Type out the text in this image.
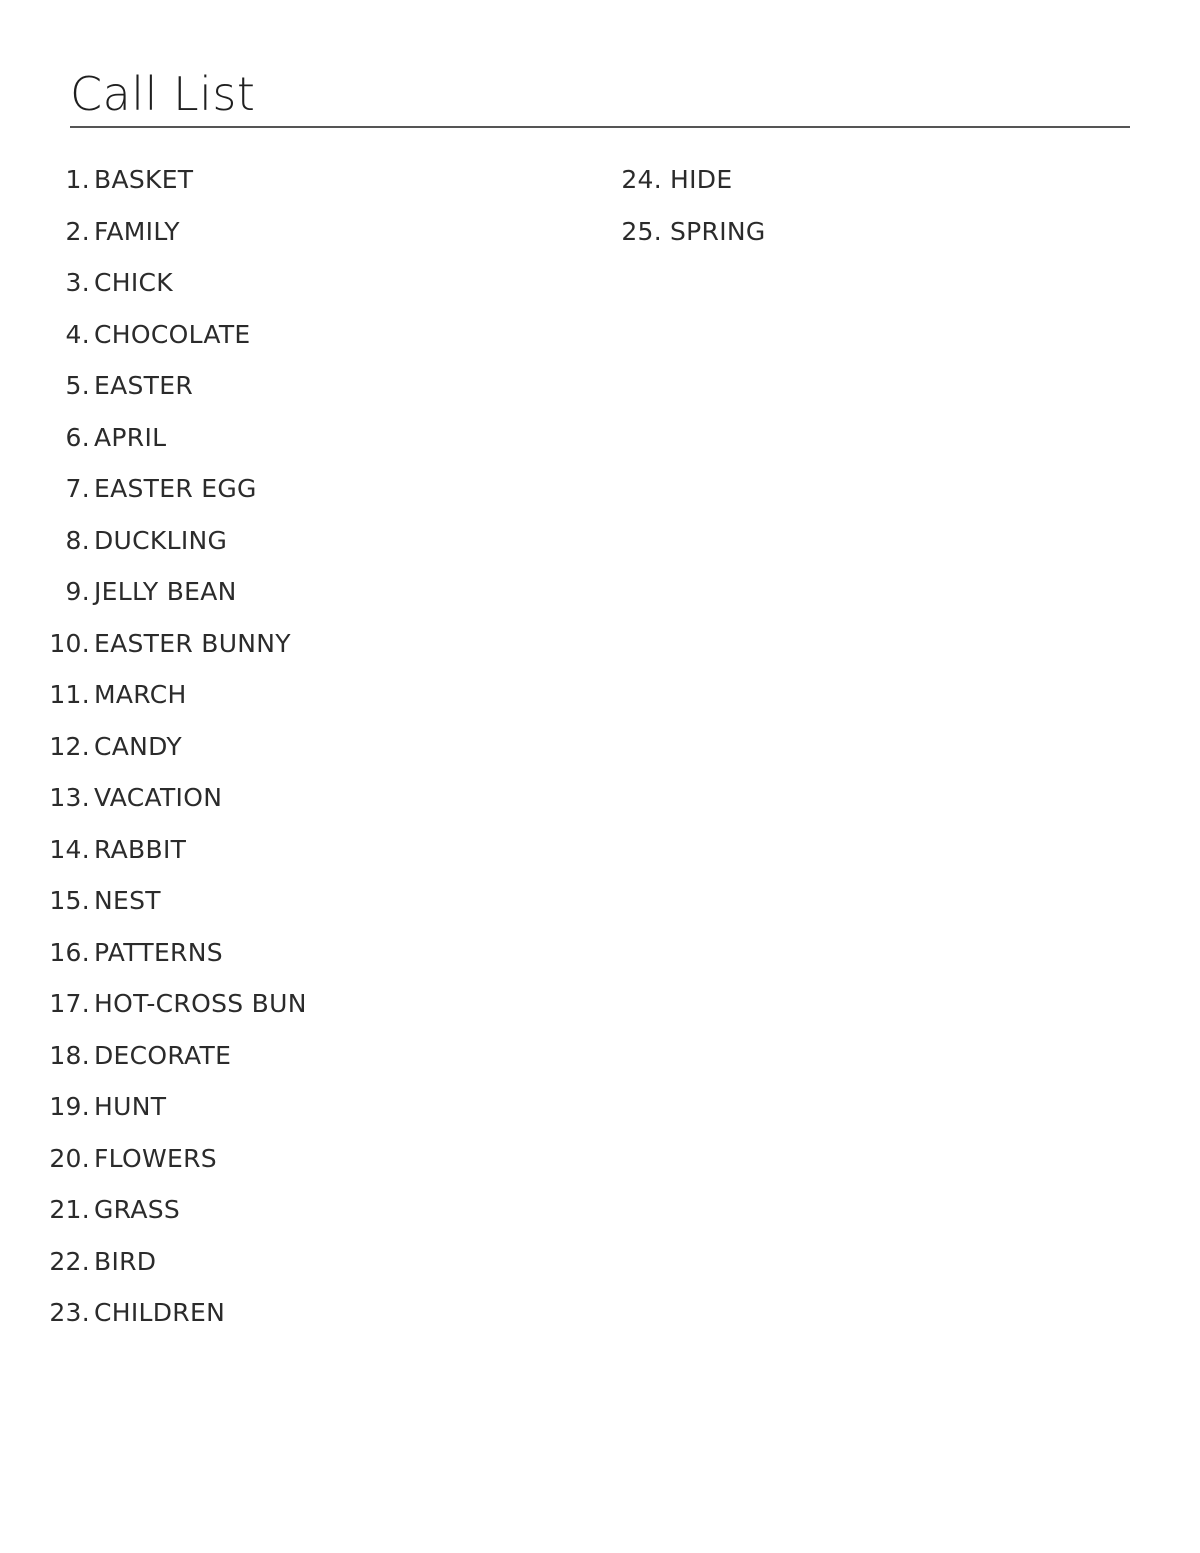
Call List
1. BASKET
2. FAMILY
3. CHICK
4. CHOCOLATE
5. EASTER
6. APRIL
7. EASTER EGG
8. DUCKLING
9. JELLY BEAN
10. EASTER BUNNY
11. MARCH
12. CANDY
13. VACATION
14. RABBIT
15. NEST
16. PATTERNS
17. HOT-CROSS BUN
18. DECORATE
19. HUNT
20. FLOWERS
21. GRASS
22. BIRD
23. CHILDREN
24. HIDE
25. SPRING
